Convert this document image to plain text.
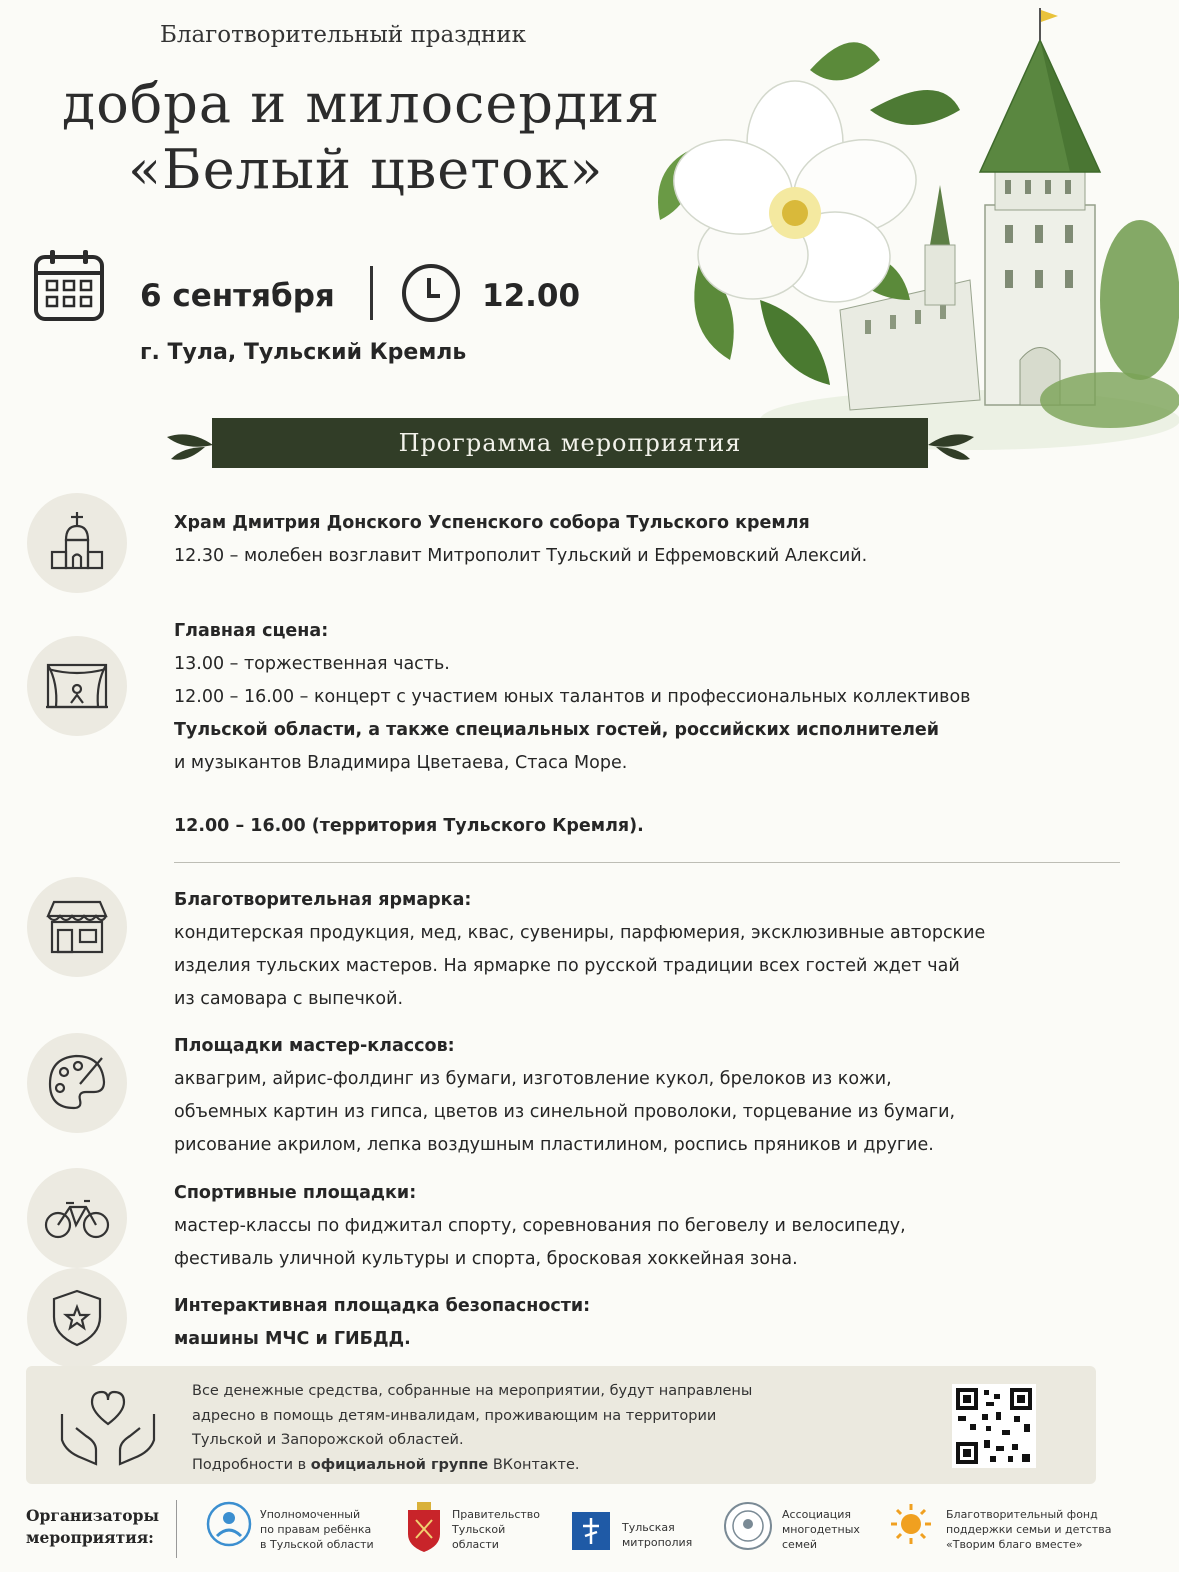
Благотворительный праздник
добра и милосердия
«Белый цветок»
6 сентября	12.00
г. Тула, Тульский Кремль
Программа мероприятия
Храм Дмитрия Донского Успенского собора Тульского кремля
12.30 – молебен возглавит Митрополит Тульский и Ефремовский Алексий.
Главная сцена:
13.00 – торжественная часть.
12.00 – 16.00 – концерт с участием юных талантов и профессиональных коллективов
Тульской области, а также специальных гостей, российских исполнителей
и музыкантов Владимира Цветаева, Стаса Море.
12.00 – 16.00 (территория Тульского Кремля).
Благотворительная ярмарка:
кондитерская продукция, мед, квас, сувениры, парфюмерия, эксклюзивные авторские
изделия тульских мастеров. На ярмарке по русской традиции всех гостей ждет чай
из самовара с выпечкой.
Площадки мастер-классов:
аквагрим, айрис-фолдинг из бумаги, изготовление кукол, брелоков из кожи,
объемных картин из гипса, цветов из синельной проволоки, торцевание из бумаги,
рисование акрилом, лепка воздушным пластилином, роспись пряников и другие.
Спортивные площадки:
мастер-классы по фиджитал спорту, соревнования по беговелу и велосипеду,
фестиваль уличной культуры и спорта, бросковая хоккейная зона.
Интерактивная площадка безопасности:
машины МЧС и ГИБДД.
Все денежные средства, собранные на мероприятии, будут направлены
адресно в помощь детям-инвалидам, проживающим на территории
Тульской и Запорожской областей.
Подробности в официальной группе ВКонтакте.
Организаторы
мероприятия:
Уполномоченный
по правам ребёнка
в Тульской области
Правительство
Тульской
области
Тульская
митрополия
Ассоциация
многодетных
семей
Благотворительный фонд
поддержки семьи и детства
«Творим благо вместе»
